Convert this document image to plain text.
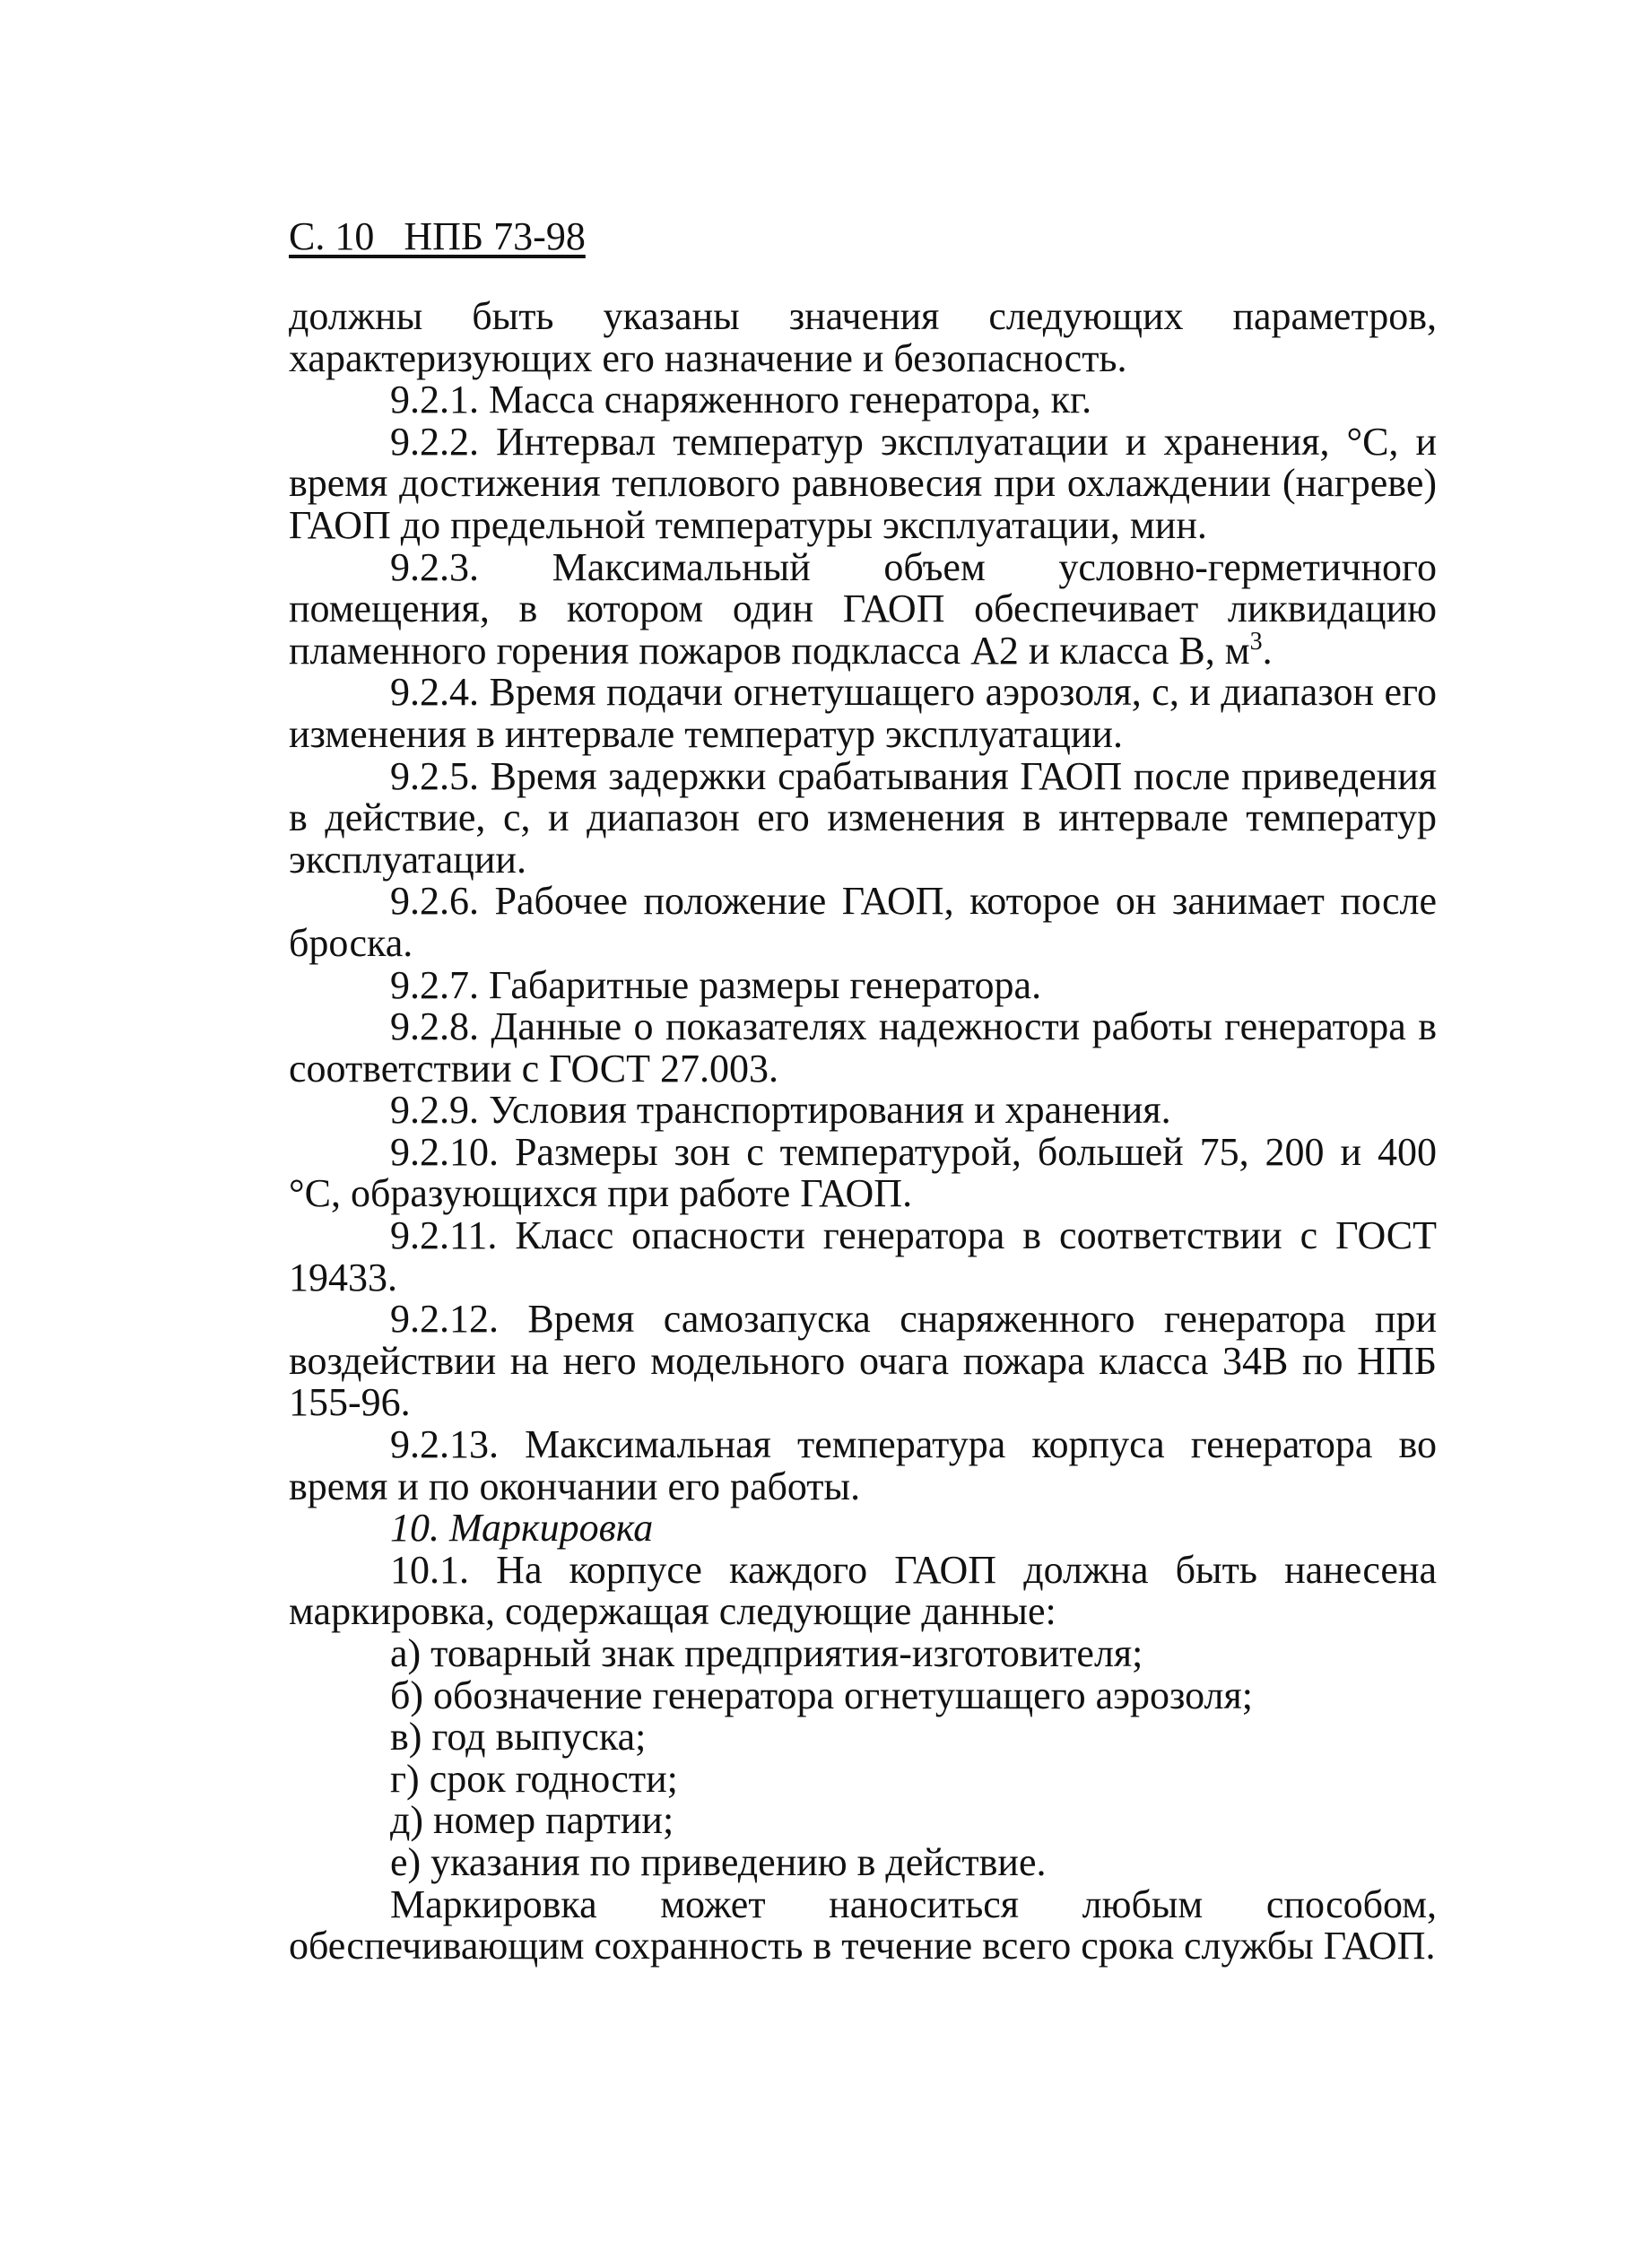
С. 10   НПБ 73-98

должны быть указаны значения следующих параметров, характеризующих его назначение и безопасность.

9.2.1. Масса снаряженного генератора, кг.

9.2.2. Интервал температур эксплуатации и хранения, °С, и время достижения теплового равновесия при охлаждении (нагреве) ГАОП до предельной температуры эксплуатации, мин.

9.2.3. Максимальный объем условно-герметичного помещения, в котором один ГАОП обеспечивает ликвидацию пламенного горения пожаров подкласса А2 и класса В, $м^3$.

9.2.4. Время подачи огнетушащего аэрозоля, с, и диапазон его изменения в интервале температур эксплуатации.

9.2.5. Время задержки срабатывания ГАОП после приведения в действие, с, и диапазон его изменения в интервале температур эксплуатации.

9.2.6. Рабочее положение ГАОП, которое он занимает после броска.

9.2.7. Габаритные размеры генератора.

9.2.8. Данные о показателях надежности работы генератора в соответствии с ГОСТ 27.003.

9.2.9. Условия транспортирования и хранения.

9.2.10. Размеры зон с температурой, большей 75, 200 и 400 °С, образующихся при работе ГАОП.

9.2.11. Класс опасности генератора в соответствии с ГОСТ 19433.

9.2.12. Время самозапуска снаряженного генератора при воздействии на него модельного очага пожара класса 34В по НПБ 155-96.

9.2.13. Максимальная температура корпуса генератора во время и по окончании его работы.

10. Маркировка

10.1. На корпусе каждого ГАОП должна быть нанесена маркировка, содержащая следующие данные:

а) товарный знак предприятия-изготовителя;

б) обозначение генератора огнетушащего аэрозоля;

в) год выпуска;

г) срок годности;

д) номер партии;

е) указания по приведению в действие.

Маркировка может наноситься любым способом, обеспечивающим сохранность в течение всего срока службы ГАОП.
